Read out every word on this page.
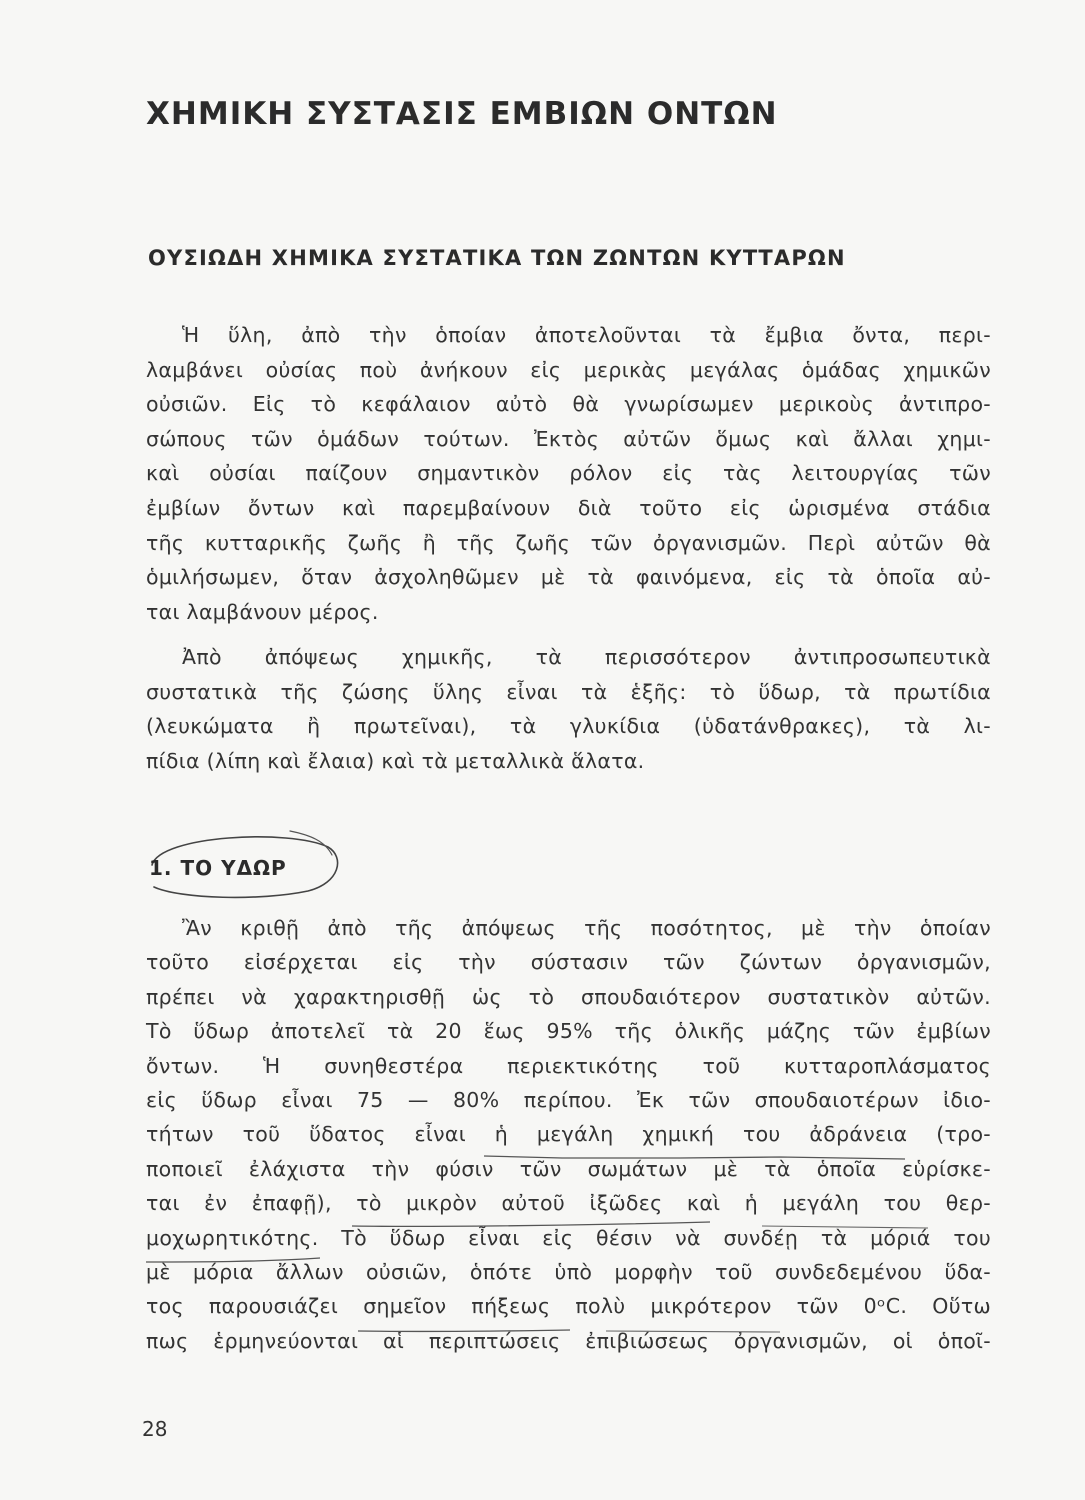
ΧΗΜΙΚΗ ΣΥΣΤΑΣΙΣ ΕΜΒΙΩΝ ΟΝΤΩΝ
ΟΥΣΙΩΔΗ ΧΗΜΙΚΑ ΣΥΣΤΑΤΙΚΑ ΤΩΝ ΖΩΝΤΩΝ ΚΥΤΤΑΡΩΝ
Ἡ ὕλη, ἀπὸ τὴν ὁποίαν ἀποτελοῦνται τὰ ἔμβια ὄντα, περι-
λαμβάνει οὐσίας ποὺ ἀνήκουν εἰς μερικὰς μεγάλας ὁμάδας χημικῶν
οὐσιῶν. Εἰς τὸ κεφάλαιον αὐτὸ θὰ γνωρίσωμεν μερικοὺς ἀντιπρο-
σώπους τῶν ὁμάδων τούτων. Ἐκτὸς αὐτῶν ὅμως καὶ ἄλλαι χημι-
καὶ οὐσίαι παίζουν σημαντικὸν ρόλον εἰς τὰς λειτουργίας τῶν
ἐμβίων ὄντων καὶ παρεμβαίνουν διὰ τοῦτο εἰς ὡρισμένα στάδια
τῆς κυτταρικῆς ζωῆς ἢ τῆς ζωῆς τῶν ὀργανισμῶν. Περὶ αὐτῶν θὰ
ὁμιλήσωμεν, ὅταν ἀσχοληθῶμεν μὲ τὰ φαινόμενα, εἰς τὰ ὁποῖα αὐ-
ται λαμβάνουν μέρος.
Ἀπὸ ἀπόψεως χημικῆς, τὰ περισσότερον ἀντιπροσωπευτικὰ
συστατικὰ τῆς ζώσης ὕλης εἶναι τὰ ἑξῆς: τὸ ὕδωρ, τὰ πρωτίδια
(λευκώματα ἢ πρωτεῖναι), τὰ γλυκίδια (ὑδατάνθρακες), τὰ λι-
πίδια (λίπη καὶ ἔλαια) καὶ τὰ μεταλλικὰ ἅλατα.
1. ΤΟ ΥΔΩΡ
Ἂν κριθῇ ἀπὸ τῆς ἀπόψεως τῆς ποσότητος, μὲ τὴν ὁποίαν
τοῦτο εἰσέρχεται εἰς τὴν σύστασιν τῶν ζώντων ὀργανισμῶν,
πρέπει νὰ χαρακτηρισθῇ ὡς τὸ σπουδαιότερον συστατικὸν αὐτῶν.
Τὸ ὕδωρ ἀποτελεῖ τὰ 20 ἕως 95% τῆς ὁλικῆς μάζης τῶν ἐμβίων
ὄντων. Ἡ συνηθεστέρα περιεκτικότης τοῦ κυτταροπλάσματος
εἰς ὕδωρ εἶναι 75 — 80% περίπου. Ἐκ τῶν σπουδαιοτέρων ἰδιο-
τήτων τοῦ ὕδατος εἶναι ἡ μεγάλη χημική του ἀδράνεια (τρο-
ποποιεῖ ἐλάχιστα τὴν φύσιν τῶν σωμάτων μὲ τὰ ὁποῖα εὑρίσκε-
ται ἐν ἐπαφῇ), τὸ μικρὸν αὐτοῦ ἰξῶδες καὶ ἡ μεγάλη του θερ-
μοχωρητικότης. Τὸ ὕδωρ εἶναι εἰς θέσιν νὰ συνδέῃ τὰ μόριά του
μὲ μόρια ἄλλων οὐσιῶν, ὁπότε ὑπὸ μορφὴν τοῦ συνδεδεμένου ὕδα-
τος παρουσιάζει σημεῖον πήξεως πολὺ μικρότερον τῶν 0ᵒC. Οὕτω
πως ἑρμηνεύονται αἱ περιπτώσεις ἐπιβιώσεως ὀργανισμῶν, οἱ ὁποῖ-
28
